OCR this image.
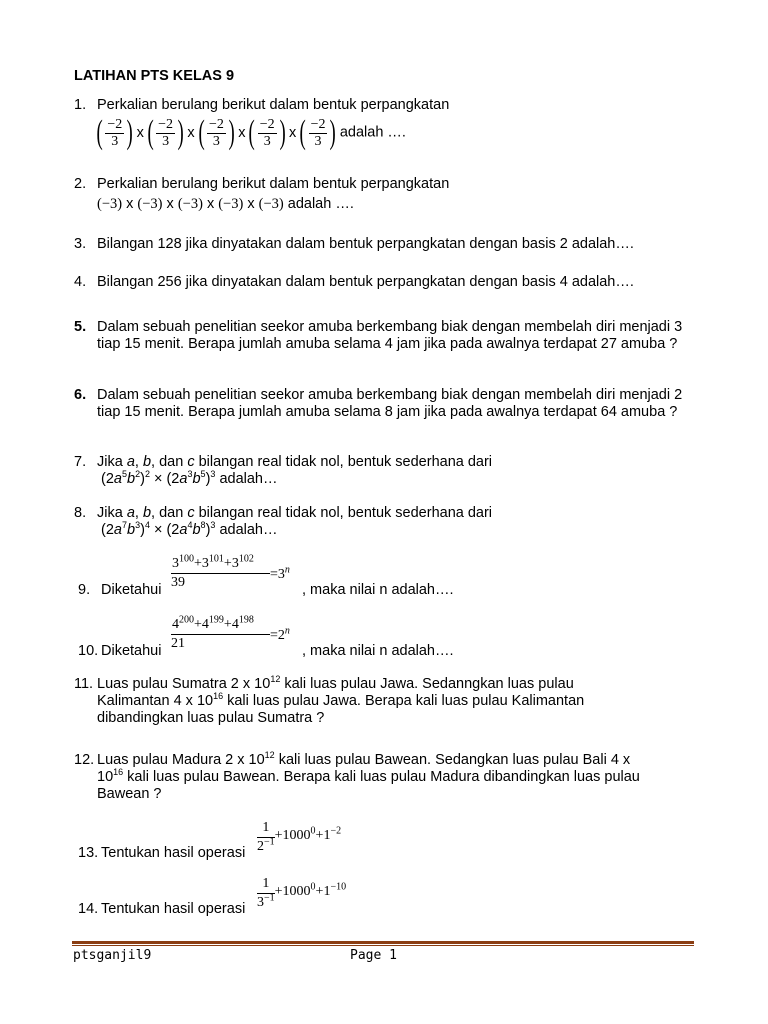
LATIHAN PTS KELAS 9
1. Perkalian berulang berikut dalam bentuk perpangkatan
( $\frac{-2}{3}$ ) x ( $\frac{-2}{3}$ ) x ( $\frac{-2}{3}$ ) x ( $\frac{-2}{3}$ ) x ( $\frac{-2}{3}$ ) adalah ….
2. Perkalian berulang berikut dalam bentuk perpangkatan
(−3) x (−3) x (−3) x (−3) x (−3) adalah ….
3. Bilangan 128 jika dinyatakan dalam bentuk perpangkatan dengan basis 2 adalah….
4. Bilangan 256 jika dinyatakan dalam bentuk perpangkatan dengan basis 4 adalah….
5. Dalam sebuah penelitian seekor amuba berkembang biak dengan membelah diri menjadi 3 tiap 15 menit. Berapa jumlah amuba selama 4 jam jika pada awalnya terdapat 27 amuba ?
6. Dalam sebuah penelitian seekor amuba berkembang biak dengan membelah diri menjadi 2 tiap 15 menit. Berapa jumlah amuba selama 8 jam jika pada awalnya terdapat 64 amuba ?
7. Jika a, b, dan c bilangan real tidak nol, bentuk sederhana dari
$(2a^5b^2)^2 \times (2a^3b^5)^3$ adalah…
8. Jika a, b, dan c bilangan real tidak nol, bentuk sederhana dari
$(2a^7b^3)^4 \times (2a^4b^8)^3$ adalah…
9. Diketahui $\frac{3^{100}+3^{101}+3^{102}}{39} =3^n$
, maka nilai n adalah….
10. Diketahui $\frac{4^{200}+4^{199}+4^{198}}{21} =2^n$
, maka nilai n adalah….
11. Luas pulau Sumatra 2 x $10^{12}$ kali luas pulau Jawa. Sedanngkan luas pulau
Kalimantan 4 x $10^{16}$ kali luas pulau Jawa. Berapa kali luas pulau Kalimantan
dibandingkan luas pulau Sumatra ?
12. Luas pulau Madura 2 x $10^{12}$ kali luas pulau Bawean. Sedangkan luas pulau Bali 4 x
$10^{16}$ kali luas pulau Bawean. Berapa kali luas pulau Madura dibandingkan luas pulau
Bawean ?
13. Tentukan hasil operasi $\frac{1}{2^{-1}} +1000^0+1^{-2}$
14. Tentukan hasil operasi $\frac{1}{3^{-1}} +1000^0+1^{-10}$
ptsganjil9	Page 1
